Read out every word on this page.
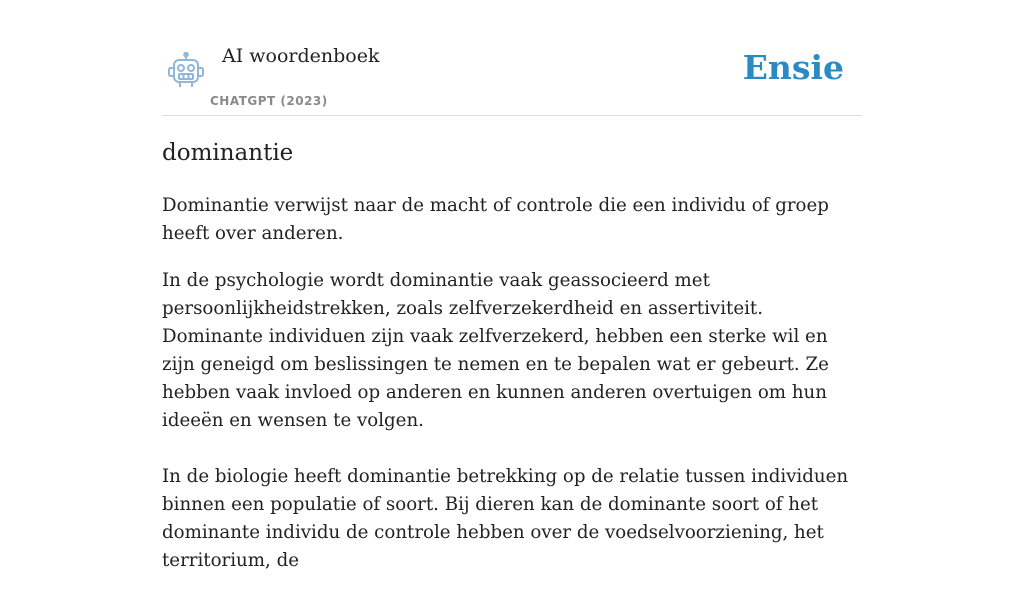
AI woordenboek
CHATGPT (2023)
Ensie
dominantie

Dominantie verwijst naar de macht of controle die een individu of groep heeft over anderen.

In de psychologie wordt dominantie vaak geassocieerd met persoonlijkheidstrekken, zoals zelfverzekerdheid en assertiviteit. Dominante individuen zijn vaak zelfverzekerd, hebben een sterke wil en zijn geneigd om beslissingen te nemen en te bepalen wat er gebeurt. Ze hebben vaak invloed op anderen en kunnen anderen overtuigen om hun ideeën en wensen te volgen.

In de biologie heeft dominantie betrekking op de relatie tussen individuen binnen een populatie of soort. Bij dieren kan de dominante soort of het dominante individu de controle hebben over de voedselvoorziening, het territorium, de
